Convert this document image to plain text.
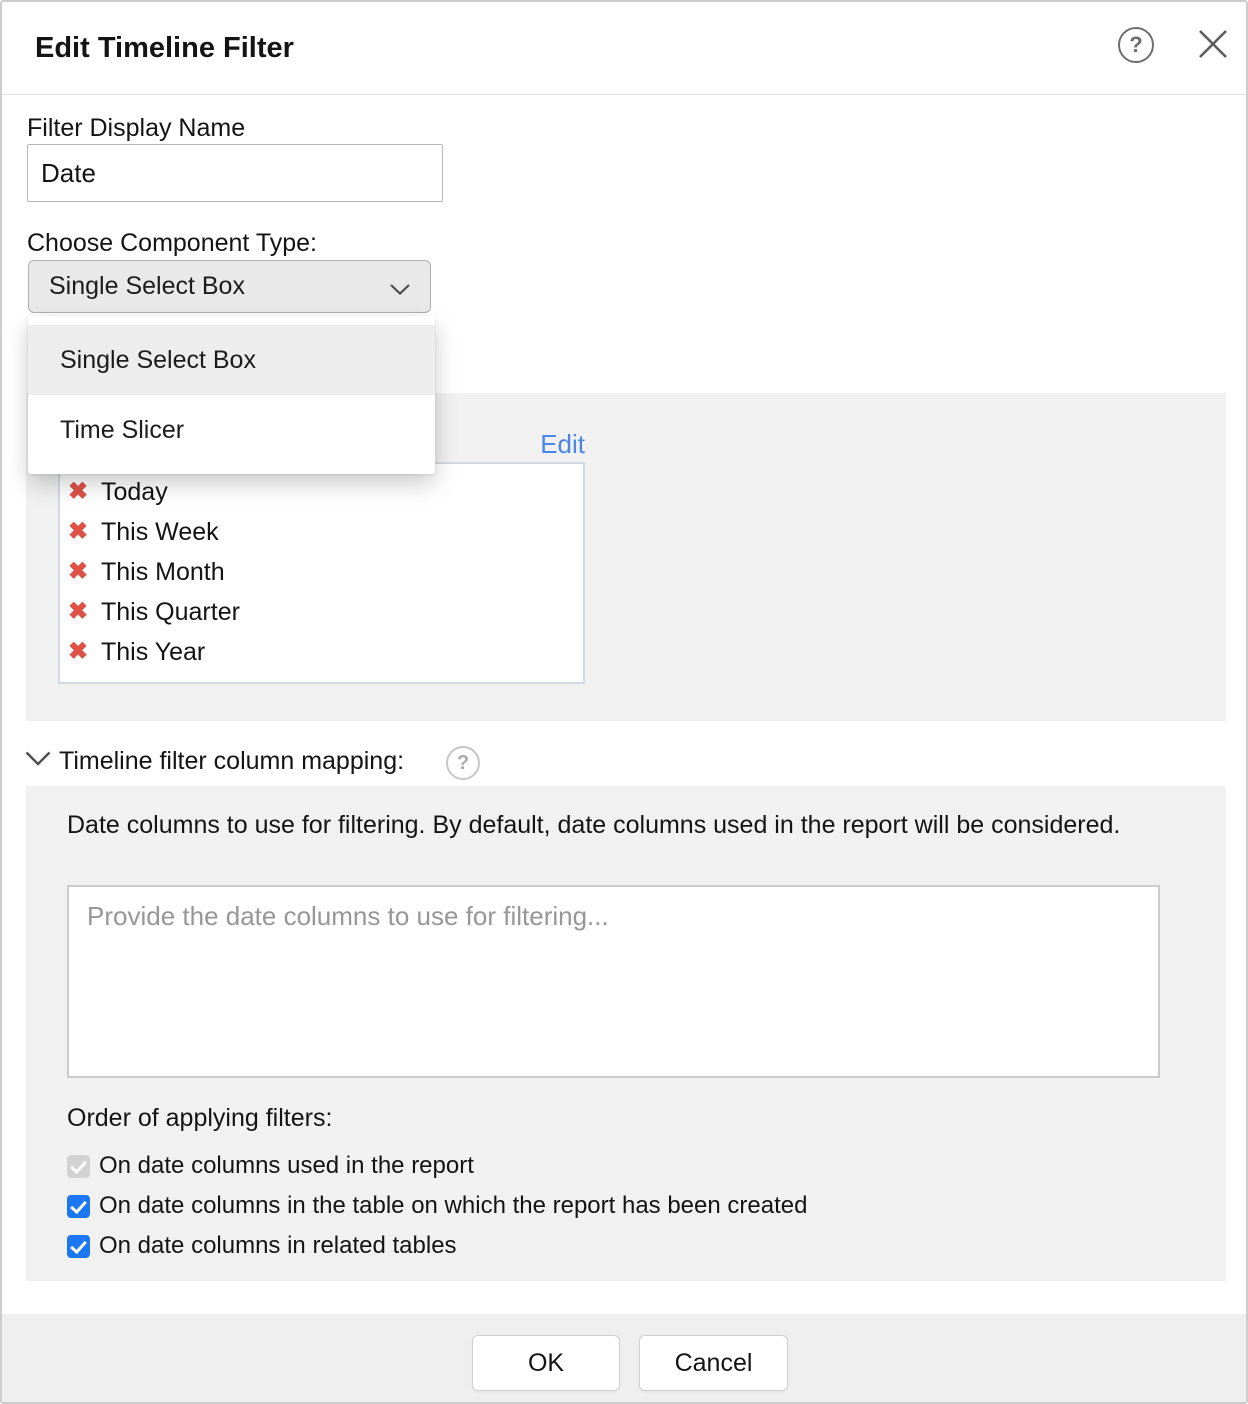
Edit Timeline Filter	?
Filter Display Name
Date
Choose Component Type:
Single Select Box
Edit
✖ Today
✖ This Week
✖ This Month
✖ This Quarter
✖ This Year
Single Select Box
Time Slicer
Timeline filter column mapping:	?
Date columns to use for filtering. By default, date columns used in the report will be considered.
Provide the date columns to use for filtering...
Order of applying filters:
On date columns used in the report
On date columns in the table on which the report has been created
On date columns in related tables
OK	Cancel
